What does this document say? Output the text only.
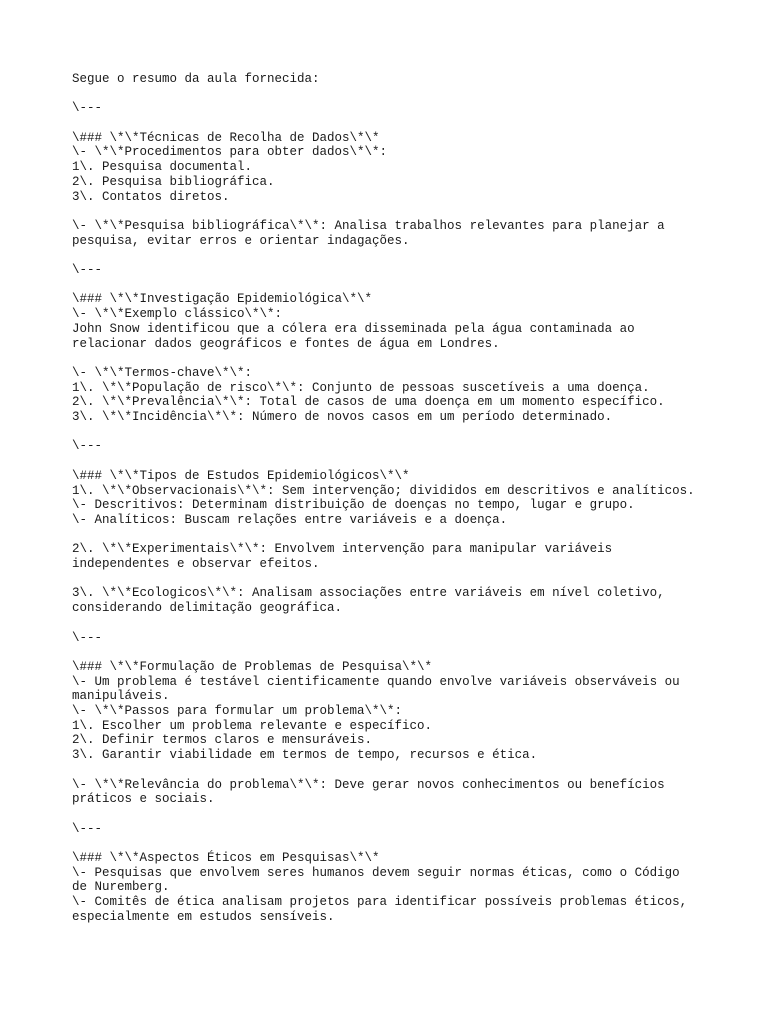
Segue o resumo da aula fornecida:
\---
\### \*\*Técnicas de Recolha de Dados\*\*
\- \*\*Procedimentos para obter dados\*\*:
1\. Pesquisa documental.
2\. Pesquisa bibliográfica.
3\. Contatos diretos.
\- \*\*Pesquisa bibliográfica\*\*: Analisa trabalhos relevantes para planejar a
pesquisa, evitar erros e orientar indagações.
\---
\### \*\*Investigação Epidemiológica\*\*
\- \*\*Exemplo clássico\*\*:
John Snow identificou que a cólera era disseminada pela água contaminada ao
relacionar dados geográficos e fontes de água em Londres.
\- \*\*Termos-chave\*\*:
1\. \*\*População de risco\*\*: Conjunto de pessoas suscetíveis a uma doença.
2\. \*\*Prevalência\*\*: Total de casos de uma doença em um momento específico.
3\. \*\*Incidência\*\*: Número de novos casos em um período determinado.
\---
\### \*\*Tipos de Estudos Epidemiológicos\*\*
1\. \*\*Observacionais\*\*: Sem intervenção; divididos em descritivos e analíticos.
\- Descritivos: Determinam distribuição de doenças no tempo, lugar e grupo.
\- Analíticos: Buscam relações entre variáveis e a doença.
2\. \*\*Experimentais\*\*: Envolvem intervenção para manipular variáveis
independentes e observar efeitos.
3\. \*\*Ecologicos\*\*: Analisam associações entre variáveis em nível coletivo,
considerando delimitação geográfica.
\---
\### \*\*Formulação de Problemas de Pesquisa\*\*
\- Um problema é testável cientificamente quando envolve variáveis observáveis ou
manipuláveis.
\- \*\*Passos para formular um problema\*\*:
1\. Escolher um problema relevante e específico.
2\. Definir termos claros e mensuráveis.
3\. Garantir viabilidade em termos de tempo, recursos e ética.
\- \*\*Relevância do problema\*\*: Deve gerar novos conhecimentos ou benefícios
práticos e sociais.
\---
\### \*\*Aspectos Éticos em Pesquisas\*\*
\- Pesquisas que envolvem seres humanos devem seguir normas éticas, como o Código
de Nuremberg.
\- Comitês de ética analisam projetos para identificar possíveis problemas éticos,
especialmente em estudos sensíveis.
